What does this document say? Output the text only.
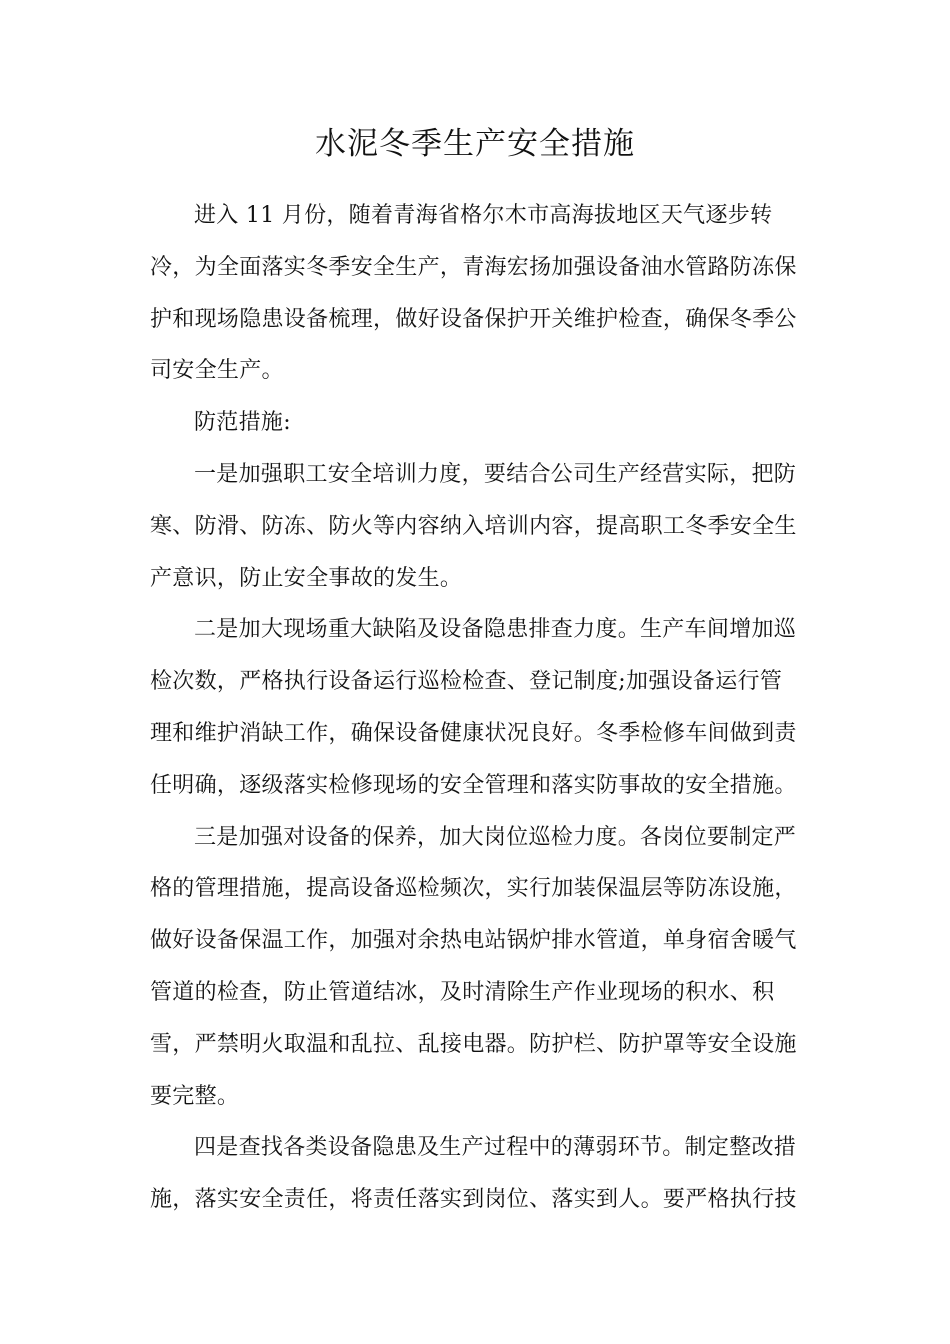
水泥冬季生产安全措施
进入 11 月份，随着青海省格尔木市高海拔地区天气逐步转
冷，为全面落实冬季安全生产，青海宏扬加强设备油水管路防冻保
护和现场隐患设备梳理，做好设备保护开关维护检查，确保冬季公
司安全生产。
防范措施:
一是加强职工安全培训力度，要结合公司生产经营实际，把防
寒、防滑、防冻、防火等内容纳入培训内容，提高职工冬季安全生
产意识，防止安全事故的发生。
二是加大现场重大缺陷及设备隐患排查力度。生产车间增加巡
检次数，严格执行设备运行巡检检查、登记制度;加强设备运行管
理和维护消缺工作，确保设备健康状况良好。冬季检修车间做到责
任明确，逐级落实检修现场的安全管理和落实防事故的安全措施。
三是加强对设备的保养，加大岗位巡检力度。各岗位要制定严
格的管理措施，提高设备巡检频次，实行加装保温层等防冻设施，
做好设备保温工作，加强对余热电站锅炉排水管道，单身宿舍暖气
管道的检查，防止管道结冰，及时清除生产作业现场的积水、积
雪，严禁明火取温和乱拉、乱接电器。防护栏、防护罩等安全设施
要完整。
四是查找各类设备隐患及生产过程中的薄弱环节。制定整改措
施，落实安全责任，将责任落实到岗位、落实到人。要严格执行技
